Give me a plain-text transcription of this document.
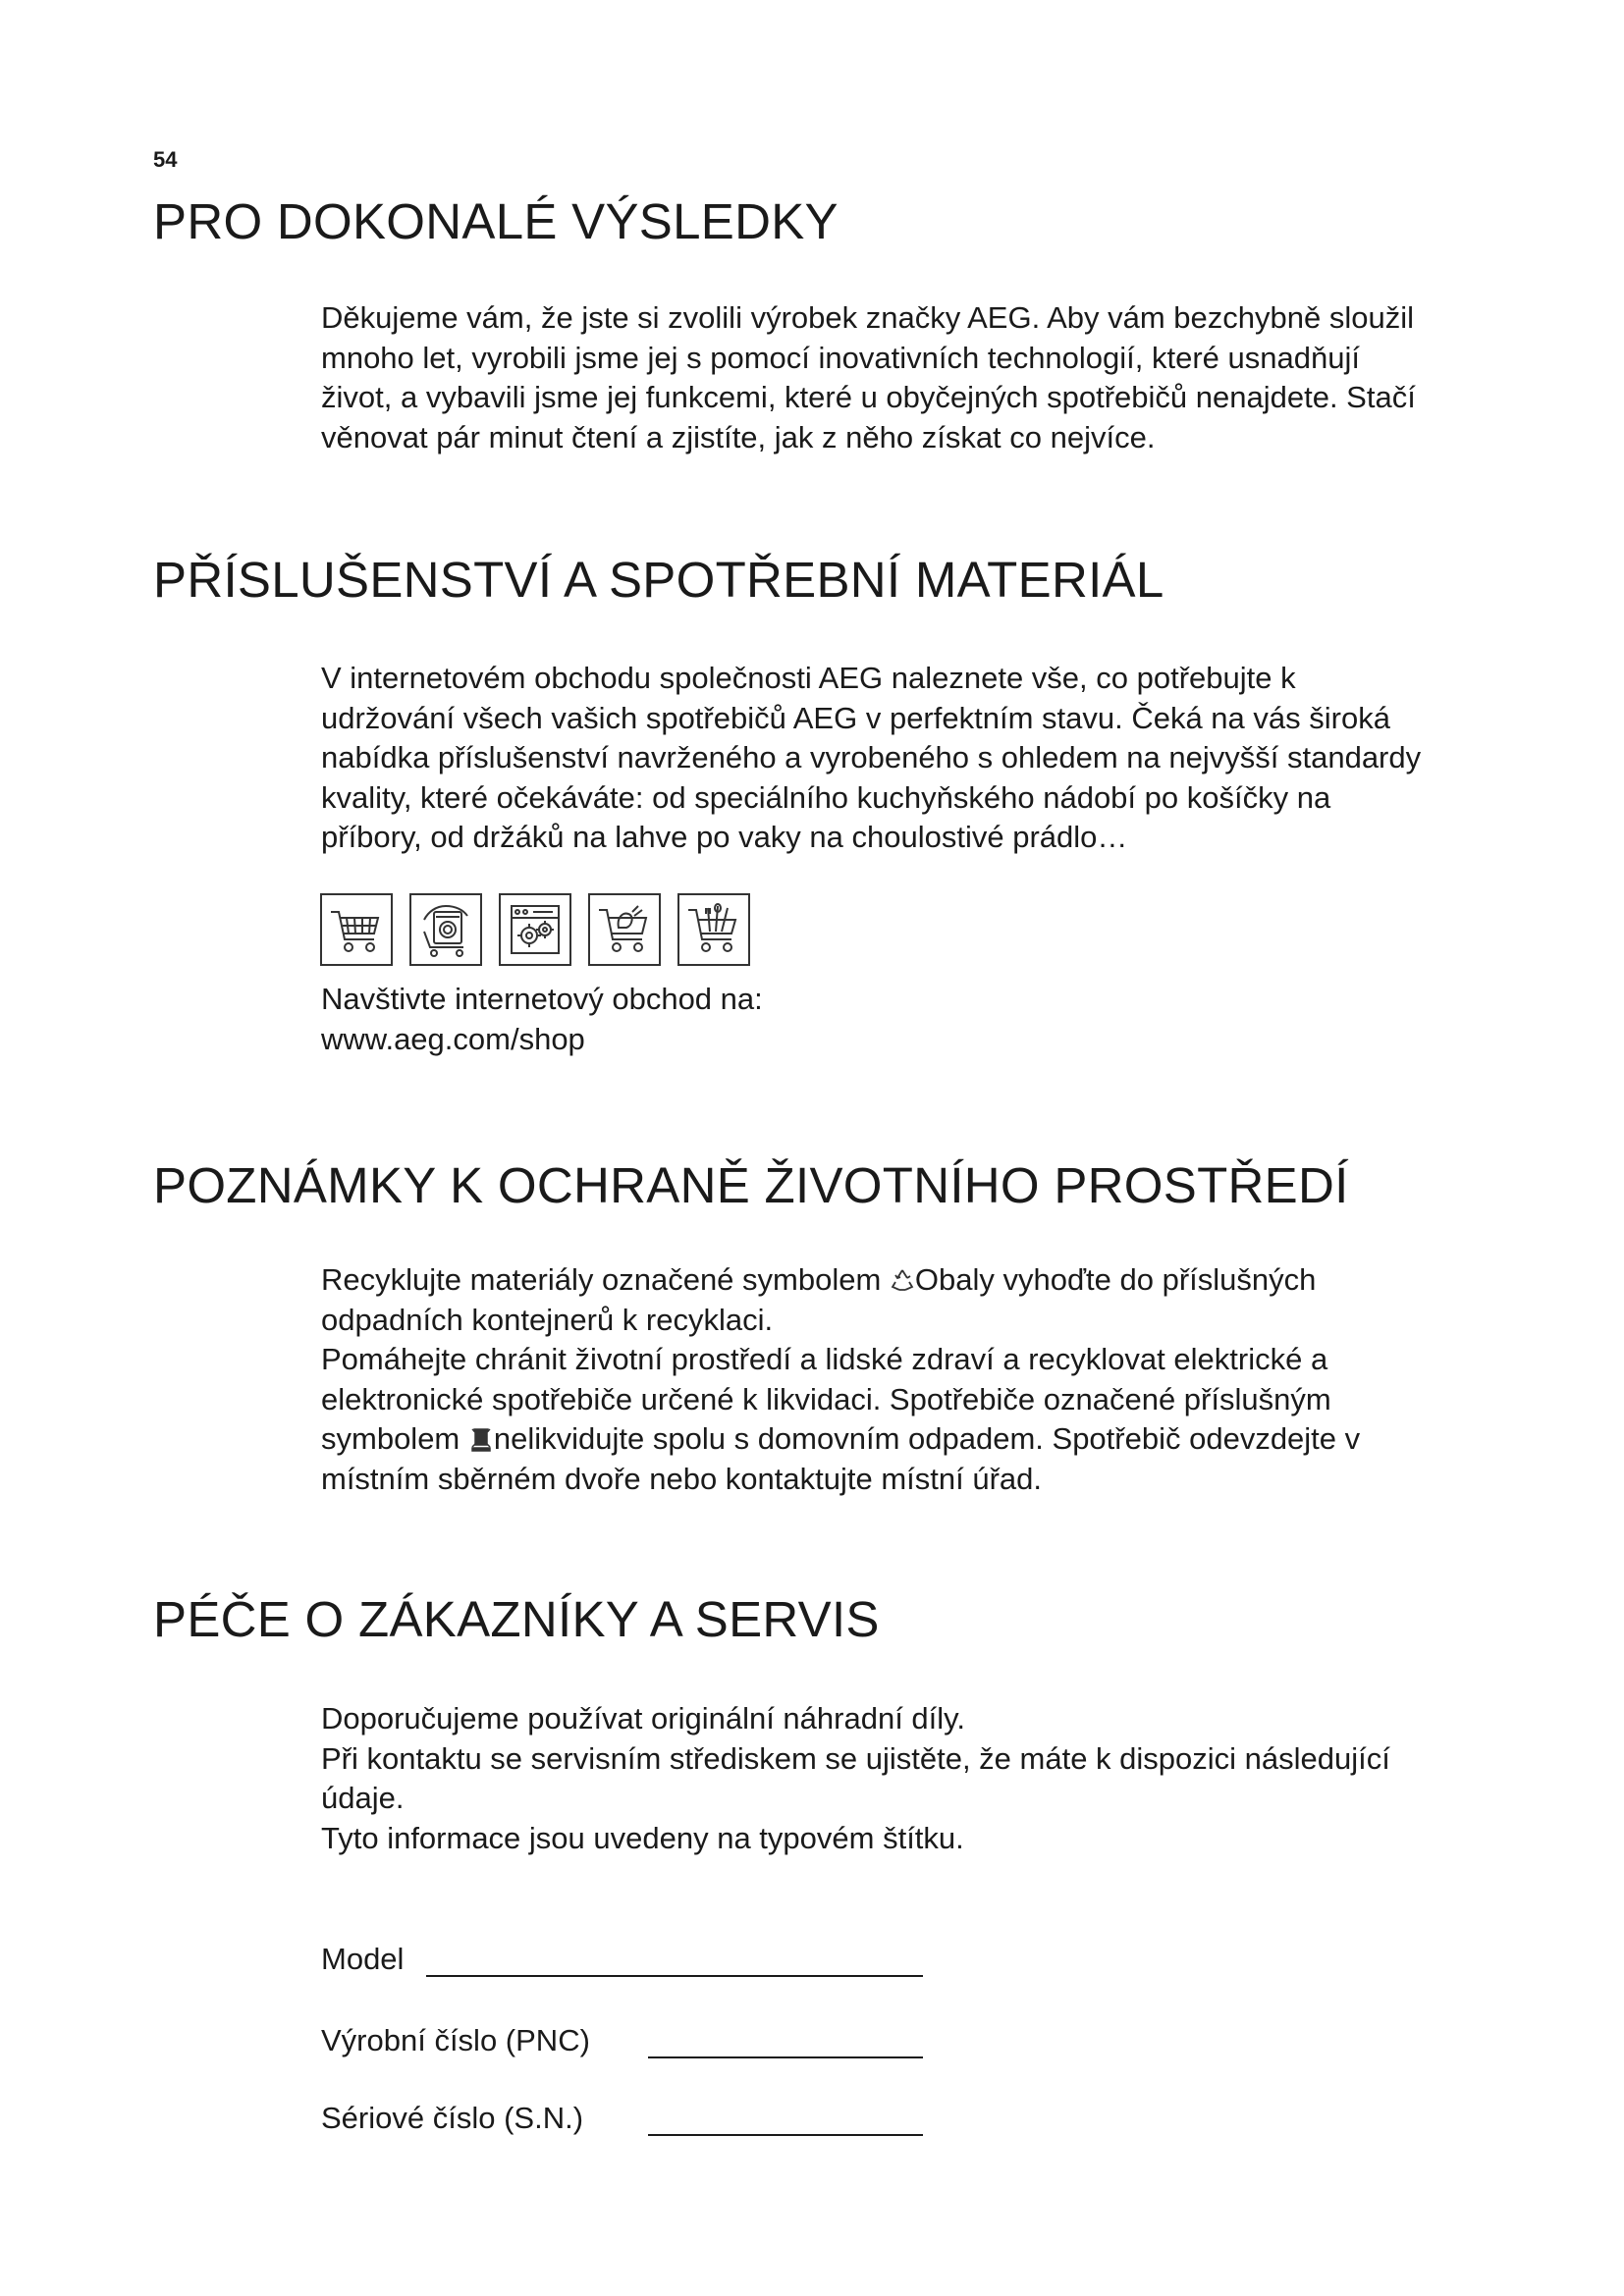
54
PRO DOKONALÉ VÝSLEDKY

Děkujeme vám, že jste si zvolili výrobek značky AEG. Aby vám bezchybně sloužil
mnoho let, vyrobili jsme jej s pomocí inovativních technologií, které usnadňují
život, a vybavili jsme jej funkcemi, které u obyčejných spotřebičů nenajdete. Stačí
věnovat pár minut čtení a zjistíte, jak z něho získat co nejvíce.

PŘÍSLUŠENSTVÍ A SPOTŘEBNÍ MATERIÁL

V internetovém obchodu společnosti AEG naleznete vše, co potřebujte k
udržování všech vašich spotřebičů AEG v perfektním stavu. Čeká na vás široká
nabídka příslušenství navrženého a vyrobeného s ohledem na nejvyšší standardy
kvality, které očekáváte: od speciálního kuchyňského nádobí po košíčky na
příbory, od držáků na lahve po vaky na choulostivé prádlo…

Navštivte internetový obchod na:
www.aeg.com/shop
POZNÁMKY K OCHRANĚ ŽIVOTNÍHO PROSTŘEDÍ

Recyklujte materiály označené symbolem Obaly vyhoďte do příslušných
odpadních kontejnerů k recyklaci.
Pomáhejte chránit životní prostředí a lidské zdraví a recyklovat elektrické a
elektronické spotřebiče určené k likvidaci. Spotřebiče označené příslušným
symbolem nelikvidujte spolu s domovním odpadem. Spotřebič odevzdejte v
místním sběrném dvoře nebo kontaktujte místní úřad.

PÉČE O ZÁKAZNÍKY A SERVIS

Doporučujeme používat originální náhradní díly.
Při kontaktu se servisním střediskem se ujistěte, že máte k dispozici následující
údaje.
Tyto informace jsou uvedeny na typovém štítku.

Model
Výrobní číslo (PNC)
Sériové číslo (S.N.)
